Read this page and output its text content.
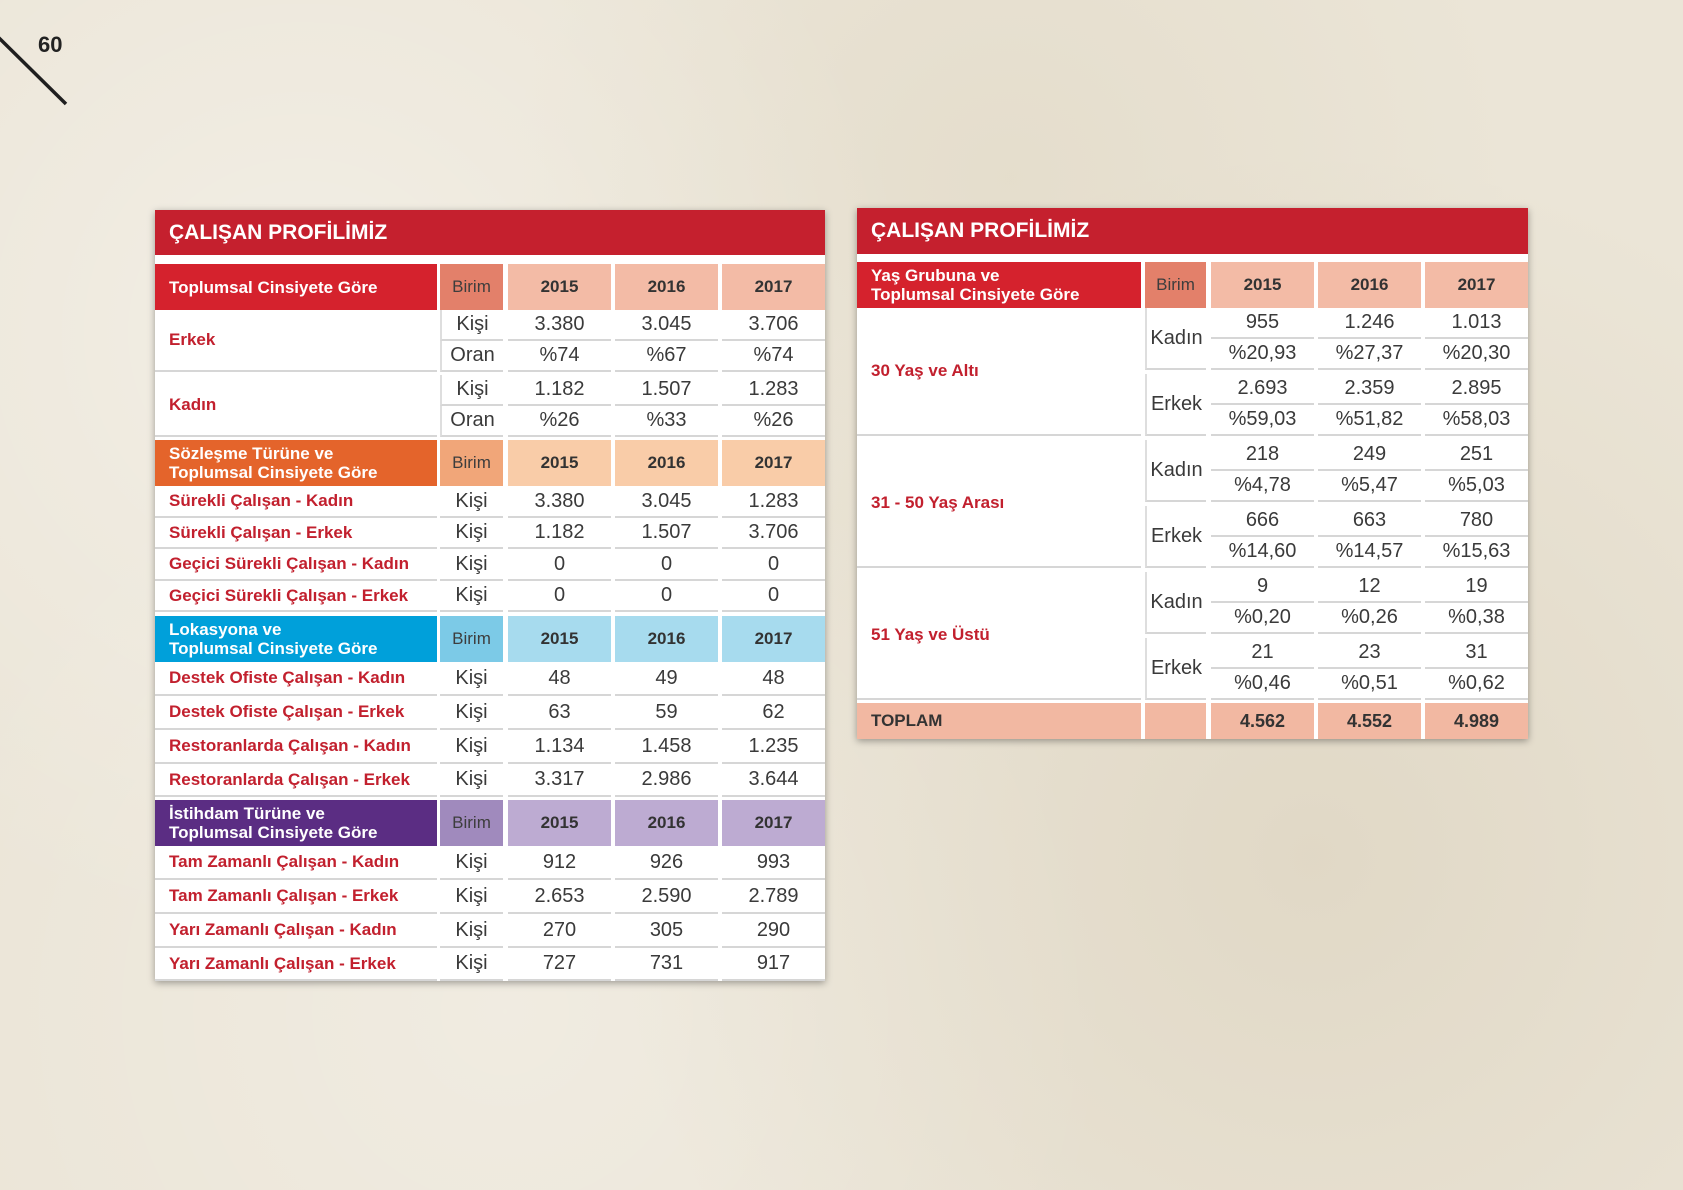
60
ÇALIŞAN PROFİLİMİZ
Toplumsal Cinsiyete Göre	Birim	2015	2016	2017
Erkek
Kişi	3.380	3.045	3.706
Oran	%74	%67	%74
Kadın
Kişi	1.182	1.507	1.283
Oran	%26	%33	%26
Sözleşme Türüne ve
Toplumsal Cinsiyete Göre
Birim	2015	2016	2017
Sürekli Çalışan - Kadın	Kişi	3.380	3.045	1.283
Sürekli Çalışan - Erkek	Kişi	1.182	1.507	3.706
Geçici Sürekli Çalışan - Kadın	Kişi	0	0	0
Geçici Sürekli Çalışan - Erkek	Kişi	0	0	0
Lokasyona ve
Toplumsal Cinsiyete Göre
Birim	2015	2016	2017
Destek Ofiste Çalışan - Kadın	Kişi	48	49	48
Destek Ofiste Çalışan - Erkek	Kişi	63	59	62
Restoranlarda Çalışan - Kadın	Kişi	1.134	1.458	1.235
Restoranlarda Çalışan - Erkek	Kişi	3.317	2.986	3.644
İstihdam Türüne ve
Toplumsal Cinsiyete Göre
Birim	2015	2016	2017
Tam Zamanlı Çalışan - Kadın	Kişi	912	926	993
Tam Zamanlı Çalışan - Erkek	Kişi	2.653	2.590	2.789
Yarı Zamanlı Çalışan - Kadın	Kişi	270	305	290
Yarı Zamanlı Çalışan - Erkek	Kişi	727	731	917
ÇALIŞAN PROFİLİMİZ
Yaş Grubuna ve
Toplumsal Cinsiyete Göre
Birim	2015	2016	2017
30 Yaş ve Altı
Kadın
955	1.246	1.013
%20,93	%27,37	%20,30
Erkek
2.693	2.359	2.895
%59,03	%51,82	%58,03
31 - 50 Yaş Arası
Kadın
218	249	251
%4,78	%5,47	%5,03
Erkek
666	663	780
%14,60	%14,57	%15,63
51 Yaş ve Üstü
Kadın
9	12	19
%0,20	%0,26	%0,38
Erkek
21	23	31
%0,46	%0,51	%0,62
TOPLAM	4.562	4.552	4.989
